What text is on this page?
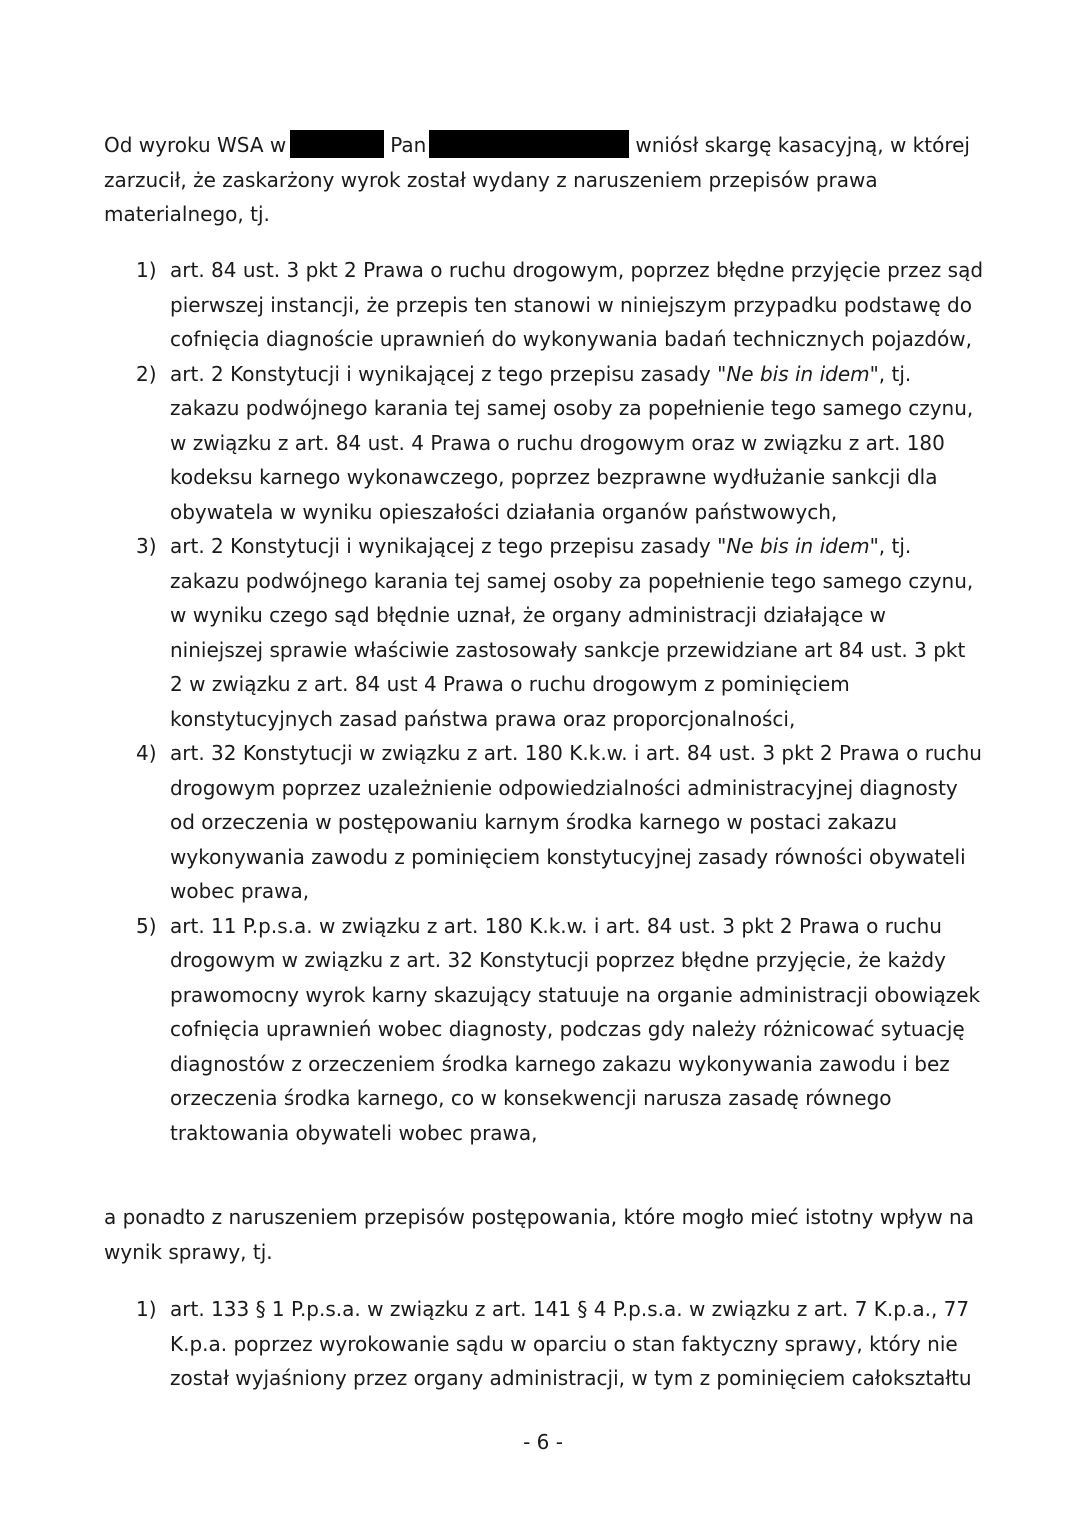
Od wyroku WSA w	Pan	wniósł skargę kasacyjną, w której zarzucił, że zaskarżony wyrok został wydany z naruszeniem przepisów prawa materialnego, tj.

1) art. 84 ust. 3 pkt 2 Prawa o ruchu drogowym, poprzez błędne przyjęcie przez sąd pierwszej instancji, że przepis ten stanowi w niniejszym przypadku podstawę do cofnięcia diagnoście uprawnień do wykonywania badań technicznych pojazdów,
2) art. 2 Konstytucji i wynikającej z tego przepisu zasady "Ne bis in idem", tj. zakazu podwójnego karania tej samej osoby za popełnienie tego samego czynu, w związku z art. 84 ust. 4 Prawa o ruchu drogowym oraz w związku z art. 180 kodeksu karnego wykonawczego, poprzez bezprawne wydłużanie sankcji dla obywatela w wyniku opieszałości działania organów państwowych,
3) art. 2 Konstytucji i wynikającej z tego przepisu zasady "Ne bis in idem", tj. zakazu podwójnego karania tej samej osoby za popełnienie tego samego czynu, w wyniku czego sąd błędnie uznał, że organy administracji działające w niniejszej sprawie właściwie zastosowały sankcje przewidziane art 84 ust. 3 pkt 2 w związku z art. 84 ust 4 Prawa o ruchu drogowym z pominięciem konstytucyjnych zasad państwa prawa oraz proporcjonalności,
4) art. 32 Konstytucji w związku z art. 180 K.k.w. i art. 84 ust. 3 pkt 2 Prawa o ruchu drogowym poprzez uzależnienie odpowiedzialności administracyjnej diagnosty od orzeczenia w postępowaniu karnym środka karnego w postaci zakazu wykonywania zawodu z pominięciem konstytucyjnej zasady równości obywateli wobec prawa,
5) art. 11 P.p.s.a. w związku z art. 180 K.k.w. i art. 84 ust. 3 pkt 2 Prawa o ruchu drogowym w związku z art. 32 Konstytucji poprzez błędne przyjęcie, że każdy prawomocny wyrok karny skazujący statuuje na organie administracji obowiązek cofnięcia uprawnień wobec diagnosty, podczas gdy należy różnicować sytuację diagnostów z orzeczeniem środka karnego zakazu wykonywania zawodu i bez orzeczenia środka karnego, co w konsekwencji narusza zasadę równego traktowania obywateli wobec prawa,

a ponadto z naruszeniem przepisów postępowania, które mogło mieć istotny wpływ na wynik sprawy, tj.

1) art. 133 § 1 P.p.s.a. w związku z art. 141 § 4 P.p.s.a. w związku z art. 7 K.p.a., 77 K.p.a. poprzez wyrokowanie sądu w oparciu o stan faktyczny sprawy, który nie został wyjaśniony przez organy administracji, w tym z pominięciem całokształtu
- 6 -
